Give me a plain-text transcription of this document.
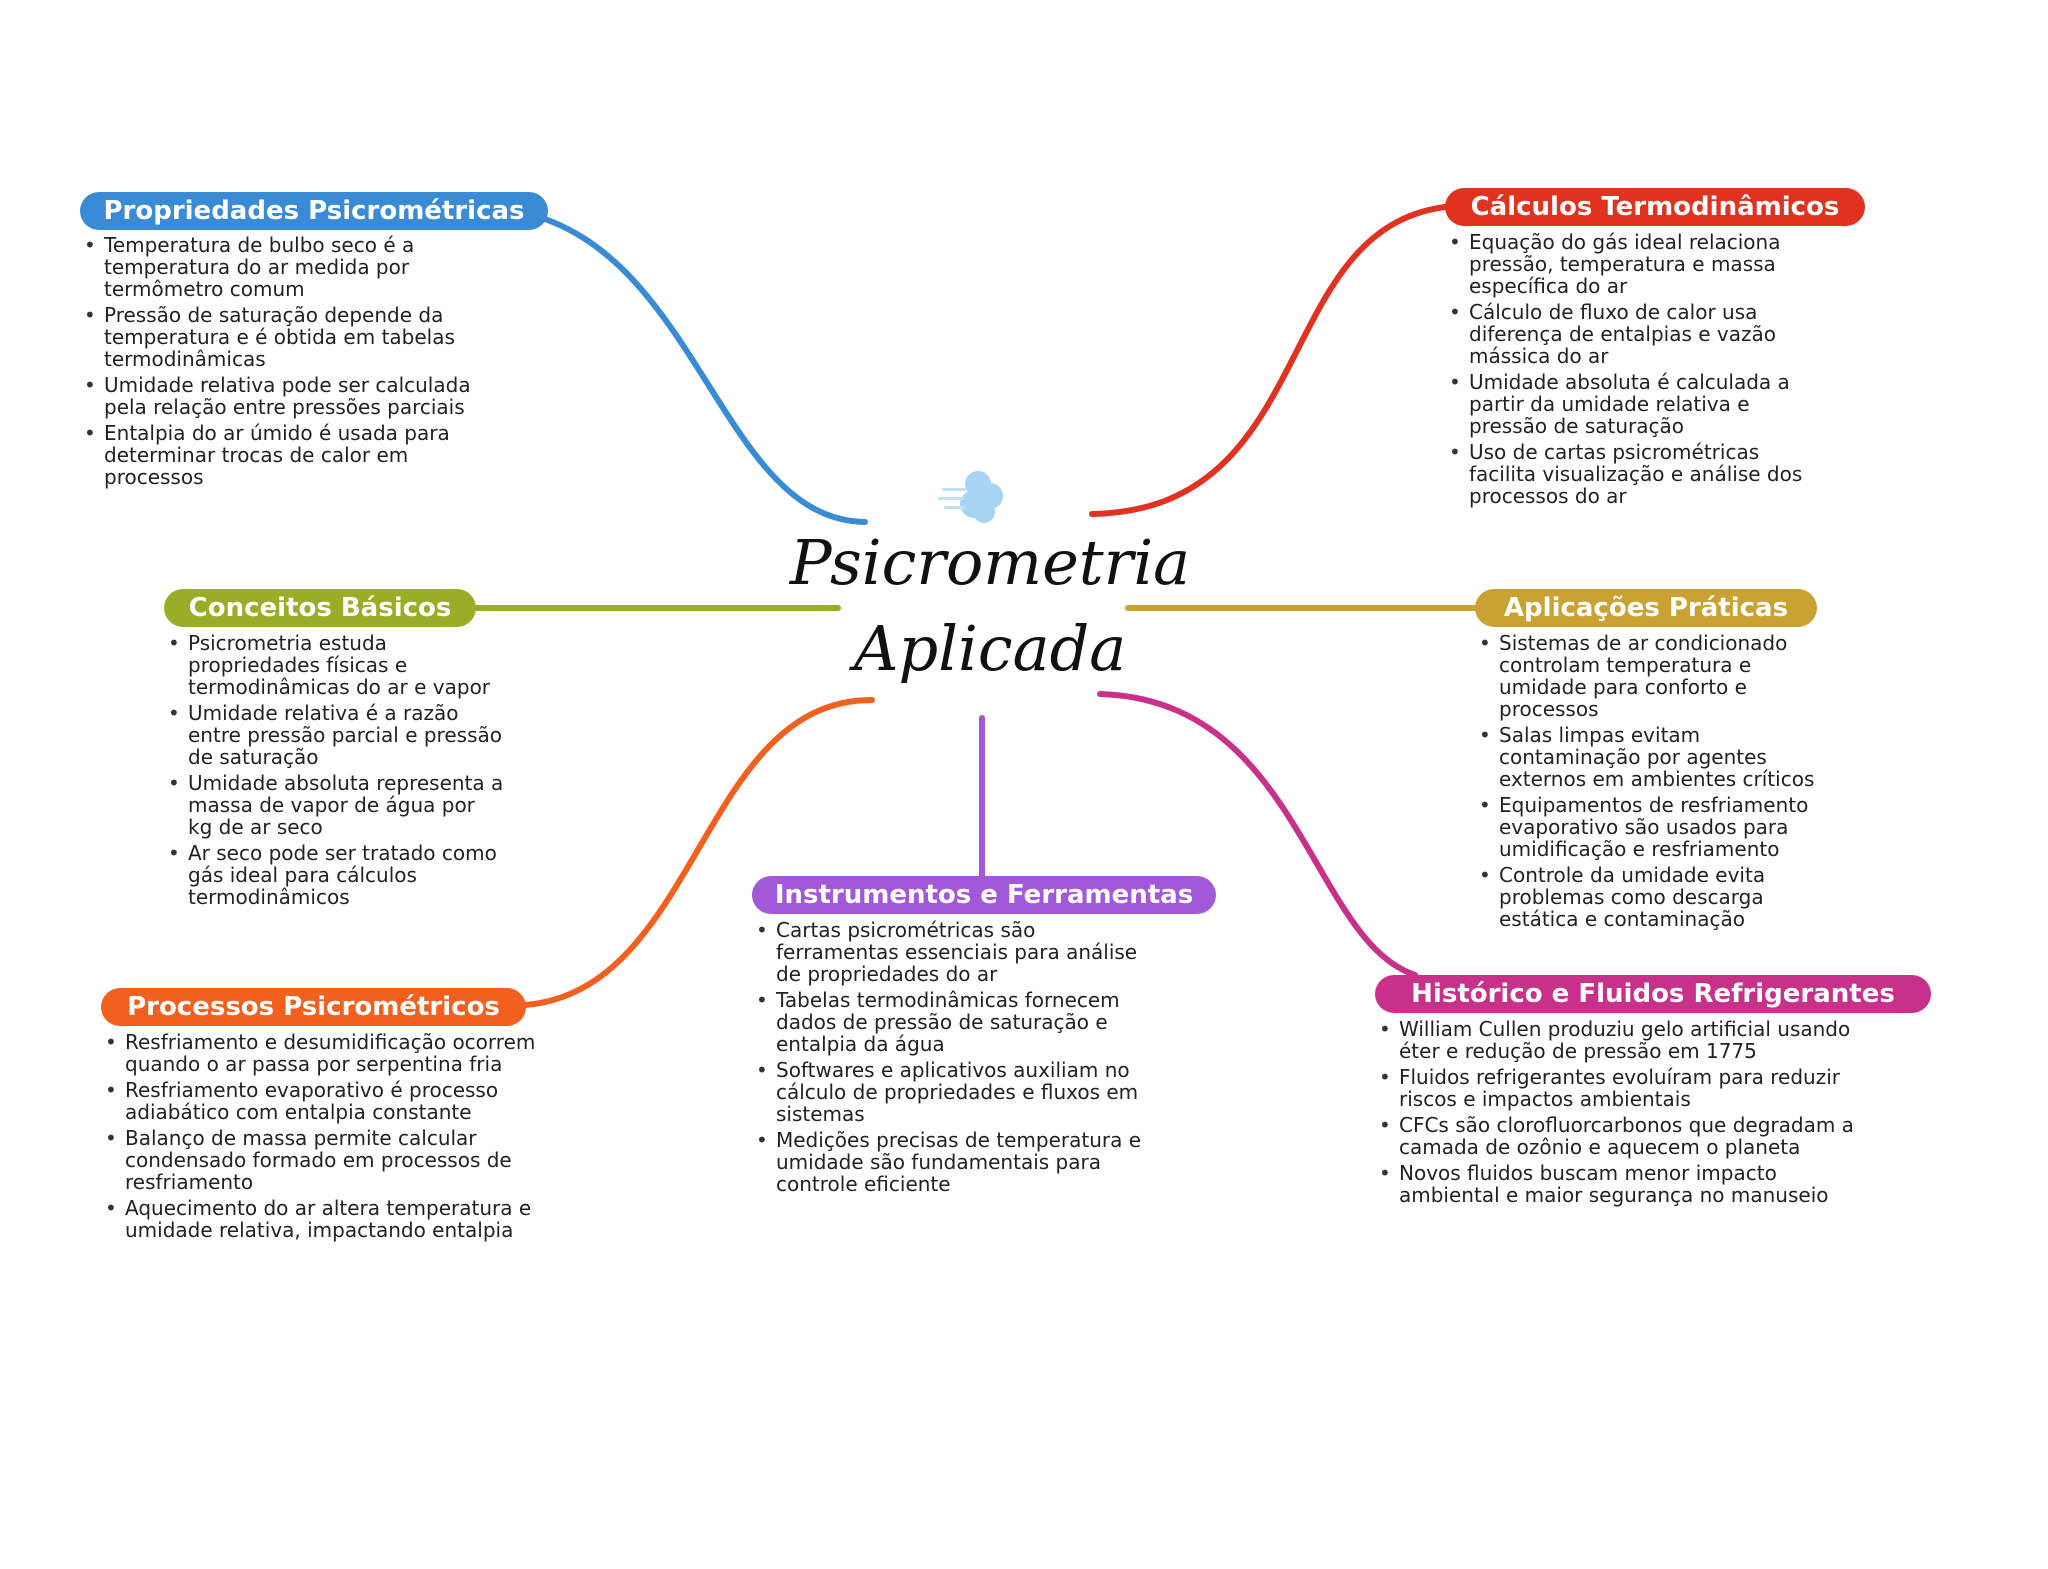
Psicrometria
Aplicada
Propriedades Psicrométricas
• Temperatura de bulbo seco é a temperatura do ar medida por termômetro comum
• Pressão de saturação depende da temperatura e é obtida em tabelas termodinâmicas
• Umidade relativa pode ser calculada pela relação entre pressões parciais
• Entalpia do ar úmido é usada para determinar trocas de calor em processos
Conceitos Básicos
• Psicrometria estuda propriedades físicas e termodinâmicas do ar e vapor
• Umidade relativa é a razão entre pressão parcial e pressão de saturação
• Umidade absoluta representa a massa de vapor de água por kg de ar seco
• Ar seco pode ser tratado como gás ideal para cálculos termodinâmicos
Processos Psicrométricos
• Resfriamento e desumidificação ocorrem quando o ar passa por serpentina fria
• Resfriamento evaporativo é processo adiabático com entalpia constante
• Balanço de massa permite calcular condensado formado em processos de resfriamento
• Aquecimento do ar altera temperatura e umidade relativa, impactando entalpia
Instrumentos e Ferramentas
• Cartas psicrométricas são ferramentas essenciais para análise de propriedades do ar
• Tabelas termodinâmicas fornecem dados de pressão de saturação e entalpia da água
• Softwares e aplicativos auxiliam no cálculo de propriedades e fluxos em sistemas
• Medições precisas de temperatura e umidade são fundamentais para controle eficiente
Cálculos Termodinâmicos
• Equação do gás ideal relaciona pressão, temperatura e massa específica do ar
• Cálculo de fluxo de calor usa diferença de entalpias e vazão mássica do ar
• Umidade absoluta é calculada a partir da umidade relativa e pressão de saturação
• Uso de cartas psicrométricas facilita visualização e análise dos processos do ar
Aplicações Práticas
• Sistemas de ar condicionado controlam temperatura e umidade para conforto e processos
• Salas limpas evitam contaminação por agentes externos em ambientes críticos
• Equipamentos de resfriamento evaporativo são usados para umidificação e resfriamento
• Controle da umidade evita problemas como descarga estática e contaminação
Histórico e Fluidos Refrigerantes
• William Cullen produziu gelo artificial usando éter e redução de pressão em 1775
• Fluidos refrigerantes evoluíram para reduzir riscos e impactos ambientais
• CFCs são clorofluorcarbonos que degradam a camada de ozônio e aquecem o planeta
• Novos fluidos buscam menor impacto ambiental e maior segurança no manuseio
